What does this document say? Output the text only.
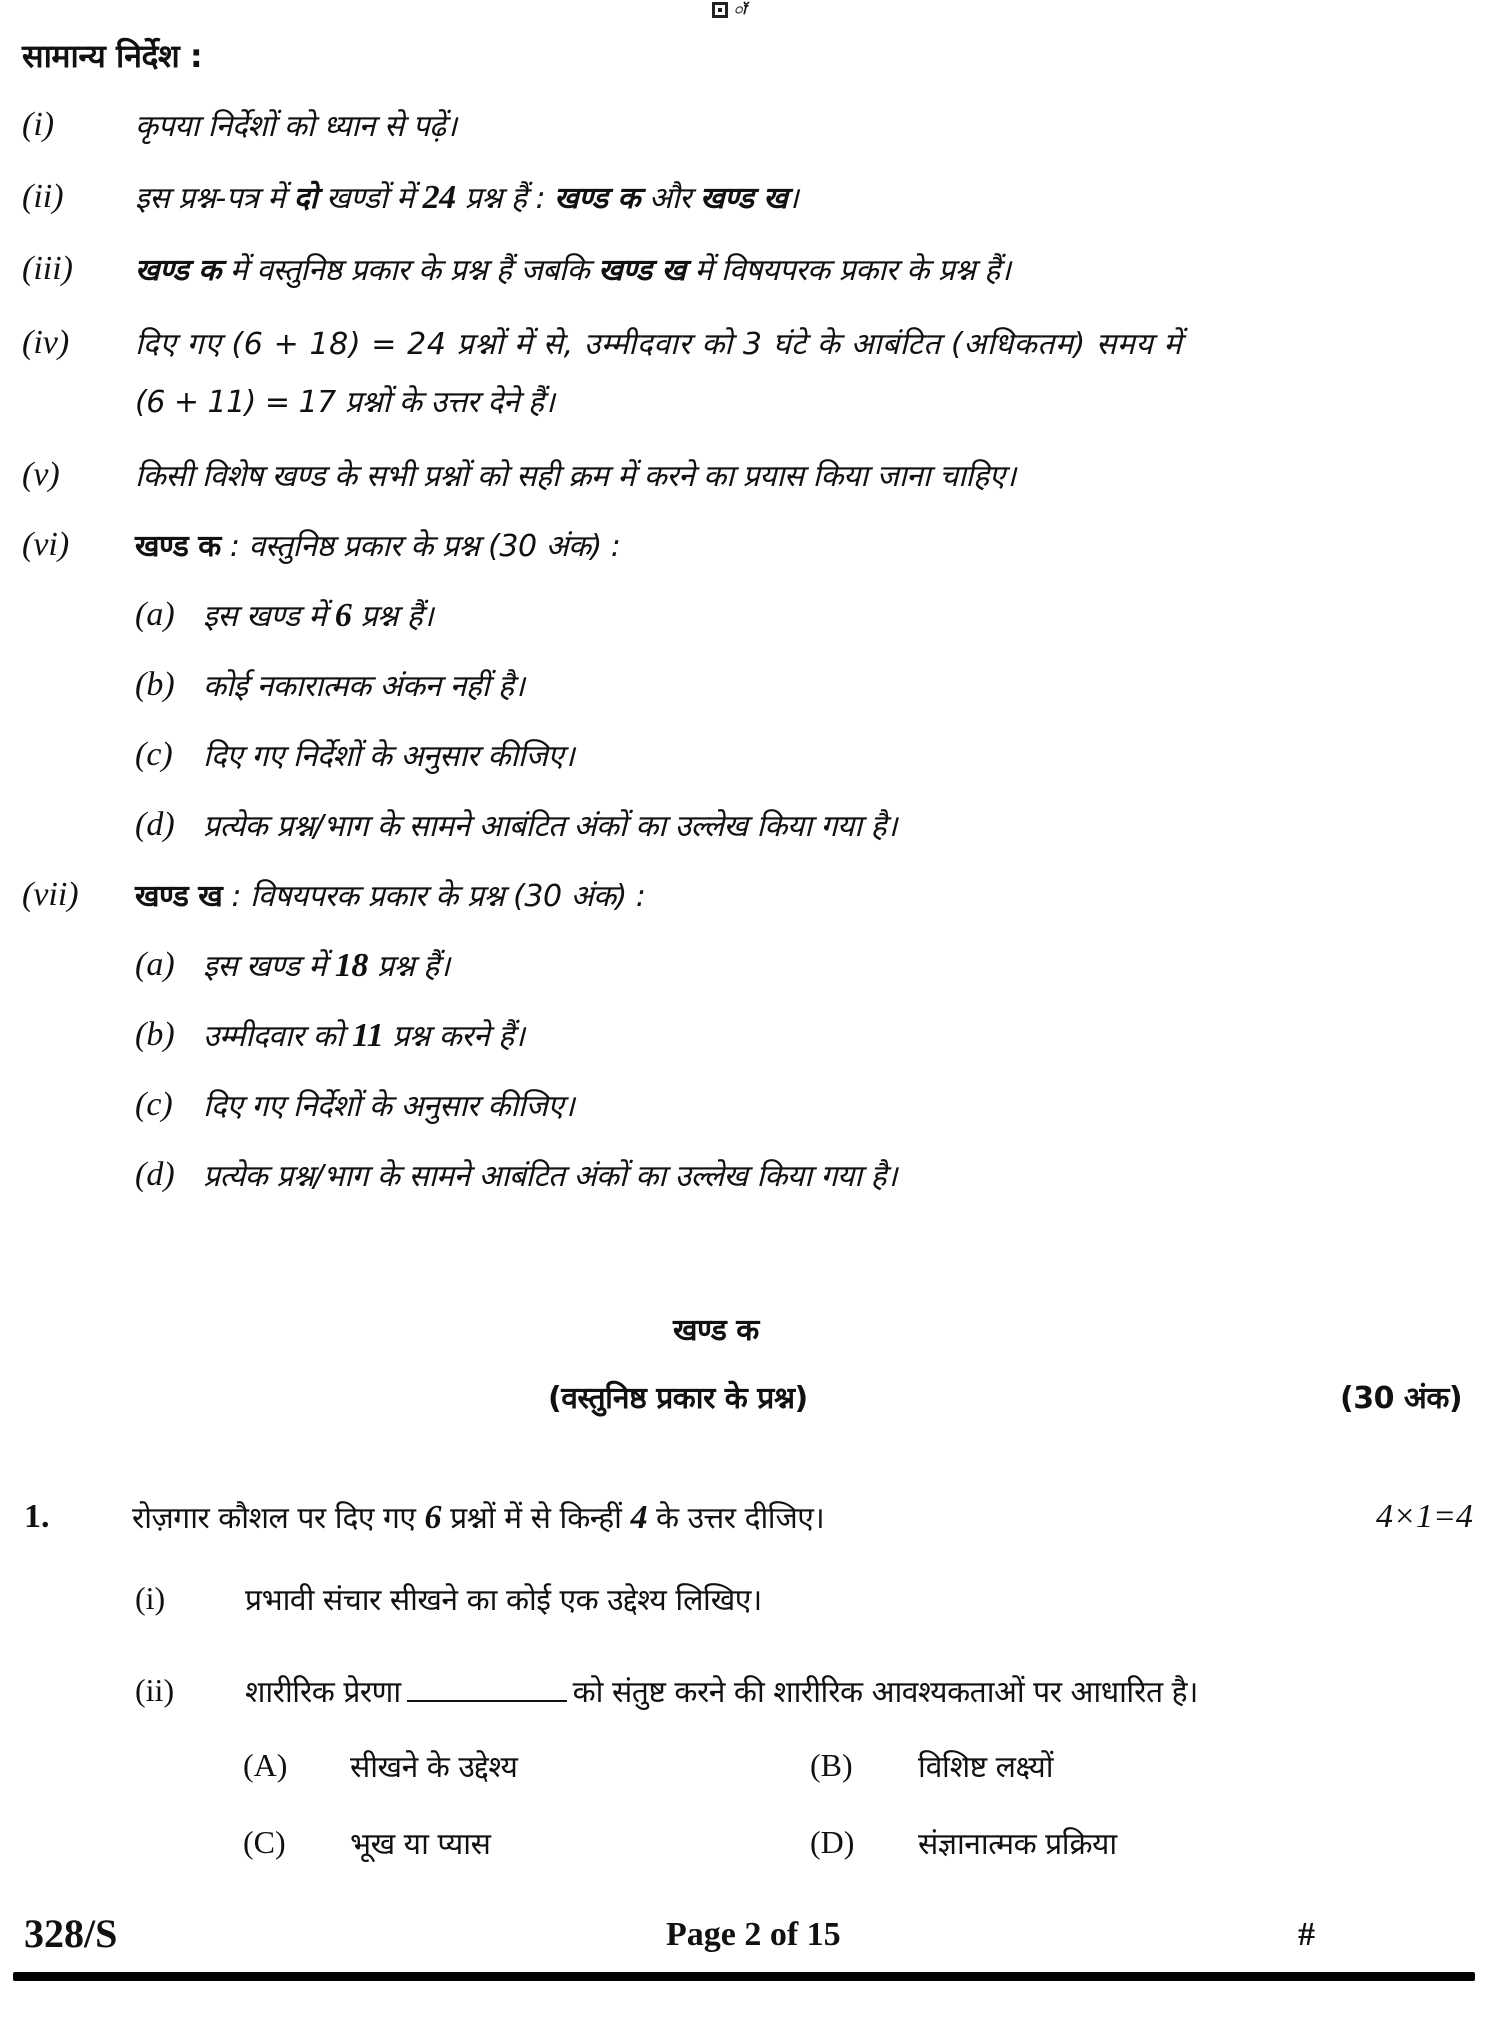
ॉ
सामान्य निर्देश :
(i)	कृपया निर्देशों को ध्यान से पढ़ें।
(ii) इस प्रश्न-पत्र में दो खण्डों में 24 प्रश्न हैं : खण्ड क और खण्ड ख।
(iii) खण्ड क में वस्तुनिष्ठ प्रकार के प्रश्न हैं जबकि खण्ड ख में विषयपरक प्रकार के प्रश्न हैं।
(iv) दिए गए (6 + 18) = 24 प्रश्नों में से, उम्मीदवार को 3 घंटे के आबंटित (अधिकतम) समय में
(6 + 11) = 17 प्रश्नों के उत्तर देने हैं।
(v)	किसी विशेष खण्ड के सभी प्रश्नों को सही क्रम में करने का प्रयास किया जाना चाहिए।
(vi) खण्ड क : वस्तुनिष्ठ प्रकार के प्रश्न (30 अंक) :
(a) इस खण्ड में 6 प्रश्न हैं।
(b) कोई नकारात्मक अंकन नहीं है।
(c) दिए गए निर्देशों के अनुसार कीजिए।
(d) प्रत्येक प्रश्न/भाग के सामने आबंटित अंकों का उल्लेख किया गया है।
(vii) खण्ड ख : विषयपरक प्रकार के प्रश्न (30 अंक) :
(a) इस खण्ड में 18 प्रश्न हैं।
(b) उम्मीदवार को 11 प्रश्न करने हैं।
(c) दिए गए निर्देशों के अनुसार कीजिए।
(d) प्रत्येक प्रश्न/भाग के सामने आबंटित अंकों का उल्लेख किया गया है।
खण्ड क
(वस्तुनिष्ठ प्रकार के प्रश्न)	(30 अंक)
1.	रोज़गार कौशल पर दिए गए 6 प्रश्नों में से किन्हीं 4 के उत्तर दीजिए।	4×1=4
(i)	प्रभावी संचार सीखने का कोई एक उद्देश्य लिखिए।
(ii) शारीरिक प्रेरणा	को संतुष्ट करने की शारीरिक आवश्यकताओं पर आधारित है।
(A) सीखने के उद्देश्य	(B) विशिष्ट लक्ष्यों
(C) भूख या प्यास	(D) संज्ञानात्मक प्रक्रिया
328/S	Page 2 of 15	#
